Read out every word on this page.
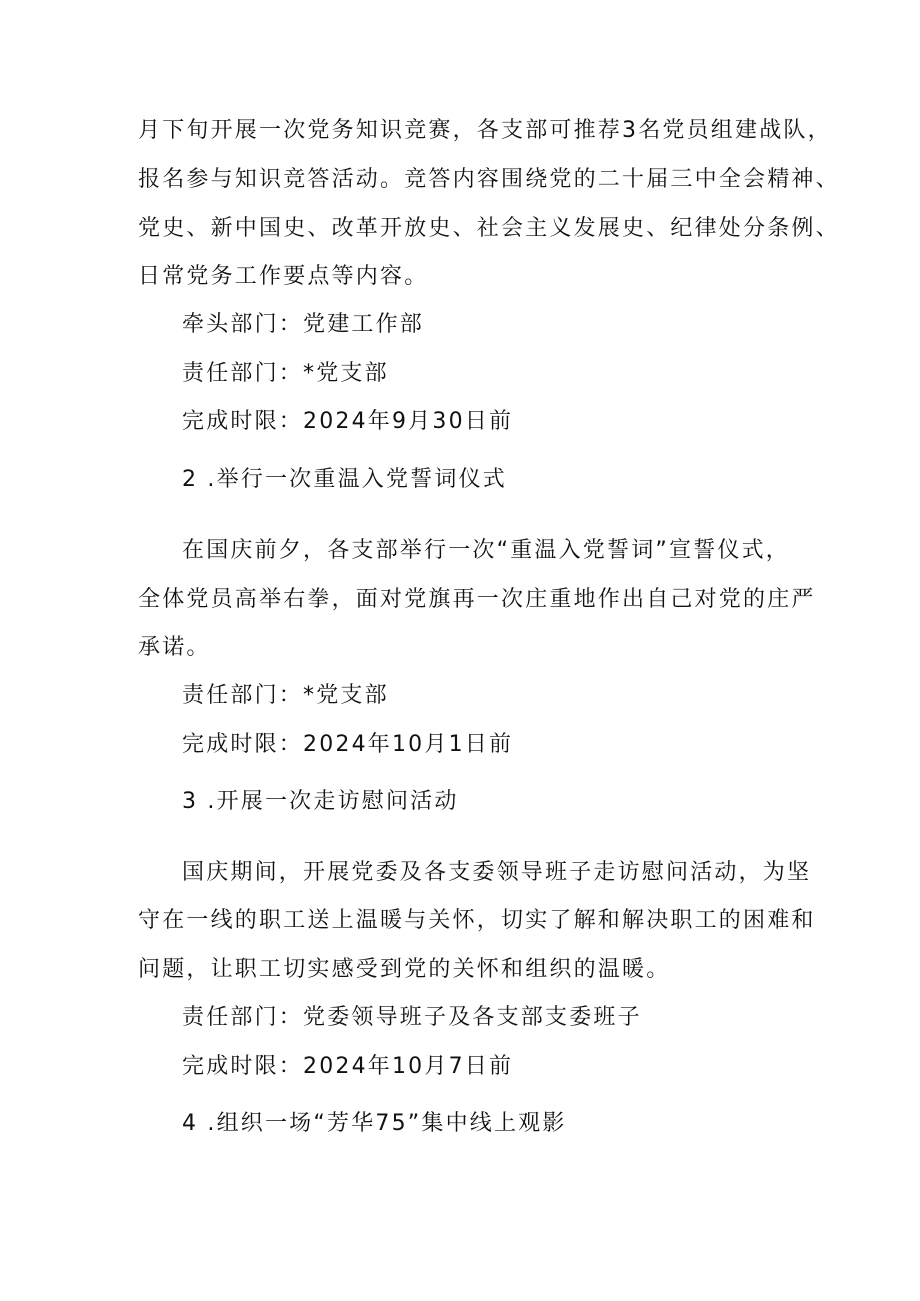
月下旬开展一次党务知识竞赛，各支部可推荐3名党员组建战队，
报名参与知识竞答活动。竞答内容围绕党的二十届三中全会精神、
党史、新中国史、改革开放史、社会主义发展史、纪律处分条例、
日常党务工作要点等内容。
牵头部门：党建工作部
责任部门：*党支部
完成时限：2024年9月30日前
2 .举行一次重温入党誓词仪式
在国庆前夕，各支部举行一次“重温入党誓词”宣誓仪式，
全体党员高举右拳，面对党旗再一次庄重地作出自己对党的庄严
承诺。
责任部门：*党支部
完成时限：2024年10月1日前
3 .开展一次走访慰问活动
国庆期间，开展党委及各支委领导班子走访慰问活动，为坚
守在一线的职工送上温暖与关怀，切实了解和解决职工的困难和
问题，让职工切实感受到党的关怀和组织的温暖。
责任部门：党委领导班子及各支部支委班子
完成时限：2024年10月7日前
4 .组织一场“芳华75”集中线上观影
